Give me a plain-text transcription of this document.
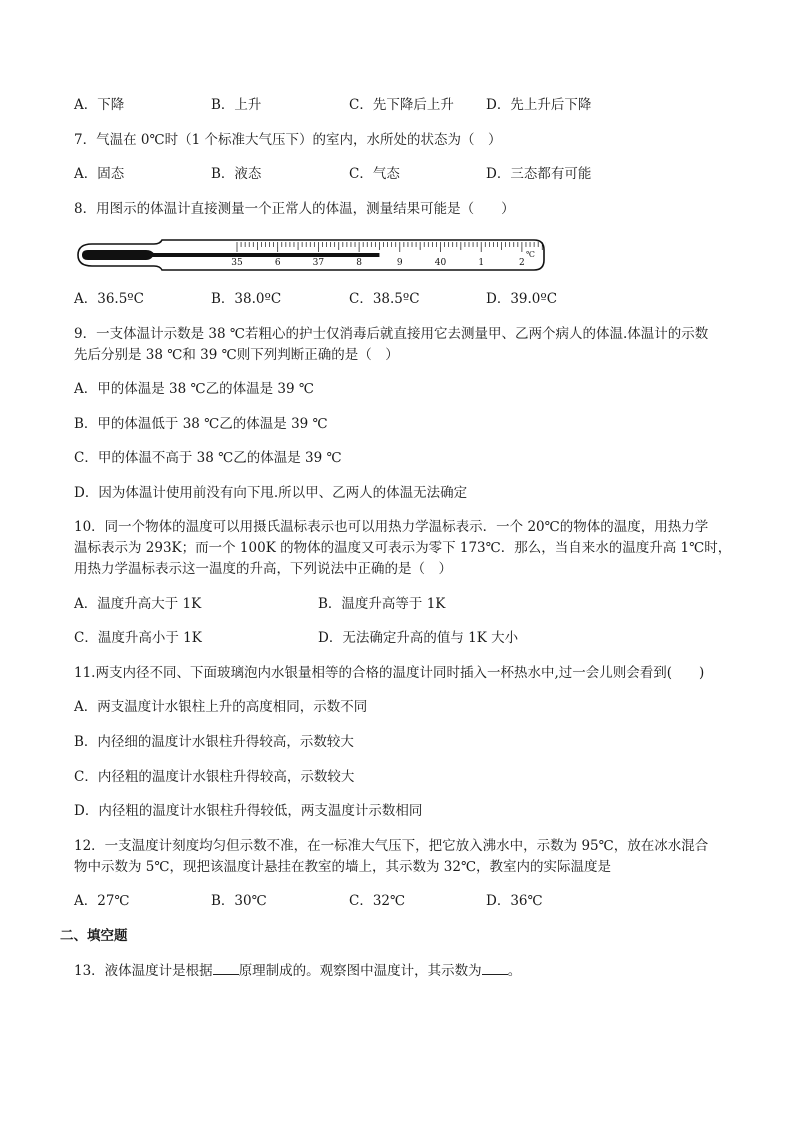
A．下降	B．上升	C．先下降后上升 D．先上升后下降
7．气温在 0℃时（1 个标准大气压下）的室内，水所处的状态为（　）
A．固态	B．液态	C．气态	D．三态都有可能
8．用图示的体温计直接测量一个正常人的体温，测量结果可能是（　　）
35	6	37	8	9	40	1	2
℃
A．36.5ºC	B．38.0ºC	C．38.5ºC	D．39.0ºC
9．一支体温计示数是 38 ℃若粗心的护士仅消毒后就直接用它去测量甲、乙两个病人的体温.体温计的示数
先后分别是 38 ℃和 39 ℃则下列判断正确的是（　）
A．甲的体温是 38 ℃乙的体温是 39 ℃
B．甲的体温低于 38 ℃乙的体温是 39 ℃
C．甲的体温不高于 38 ℃乙的体温是 39 ℃
D．因为体温计使用前没有向下甩.所以甲、乙两人的体温无法确定
10．同一个物体的温度可以用摄氏温标表示也可以用热力学温标表示．一个 20℃的物体的温度，用热力学
温标表示为 293K；而一个 100K 的物体的温度又可表示为零下 173℃．那么，当自来水的温度升高 1℃时，
用热力学温标表示这一温度的升高，下列说法中正确的是（　）
A．温度升高大于 1K	B．温度升高等于 1K
C．温度升高小于 1K	D．无法确定升高的值与 1K 大小
11.两支内径不同、下面玻璃泡内水银量相等的合格的温度计同时插入一杯热水中,过一会儿则会看到(　　)
A．两支温度计水银柱上升的高度相同，示数不同
B．内径细的温度计水银柱升得较高，示数较大
C．内径粗的温度计水银柱升得较高，示数较大
D．内径粗的温度计水银柱升得较低，两支温度计示数相同
12．一支温度计刻度均匀但示数不准，在一标准大气压下，把它放入沸水中，示数为 95℃，放在冰水混合
物中示数为 5℃，现把该温度计悬挂在教室的墙上，其示数为 32℃，教室内的实际温度是
A．27℃	B．30℃	C．32℃	D．36℃
二、填空题
13．液体温度计是根据 原理制成的。观察图中温度计，其示数为 。
